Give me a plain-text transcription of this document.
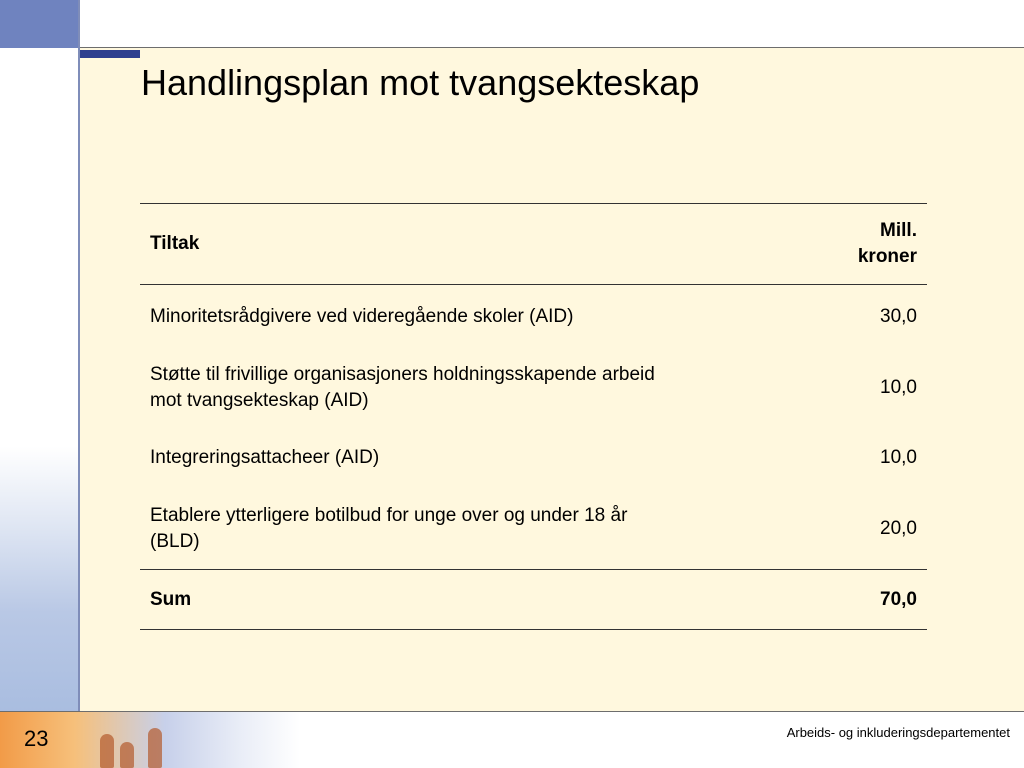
Handlingsplan mot tvangsekteskap
Tiltak	Mill.
kroner
Minoritetsrådgivere ved videregående skoler (AID)	30,0
Støtte til frivillige organisasjoners holdningsskapende arbeid
mot tvangsekteskap (AID)	10,0
Integreringsattacheer (AID)	10,0
Etablere ytterligere botilbud for unge over og under 18 år
(BLD)	20,0
Sum	70,0
23	Arbeids- og inkluderingsdepartementet
